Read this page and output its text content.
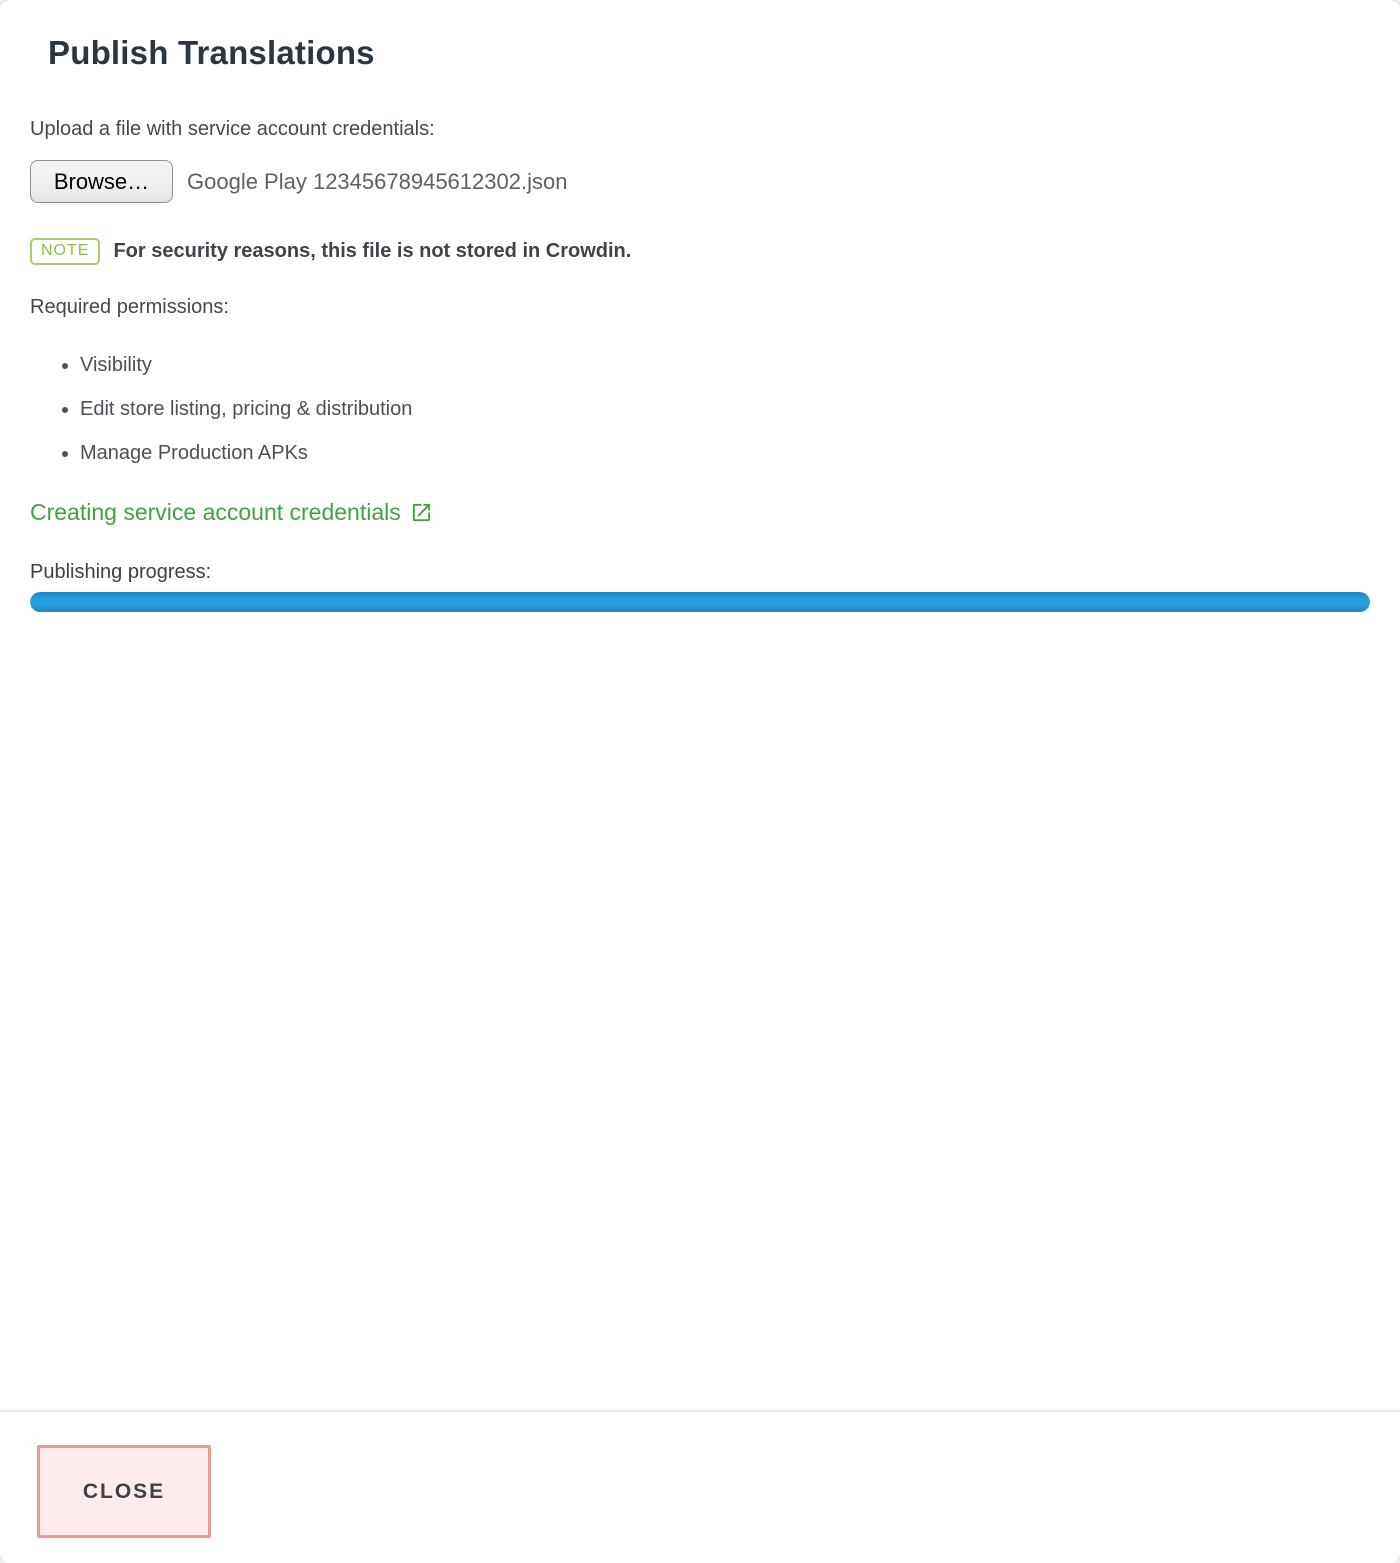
Publish Translations

Upload a file with service account credentials:

Browse…	Google Play 12345678945612302.json
NOTE	For security reasons, this file is not stored in Crowdin.

Required permissions:

• Visibility
• Edit store listing, pricing & distribution
• Manage Production APKs
Creating service account credentials

Publishing progress:

CLOSE
